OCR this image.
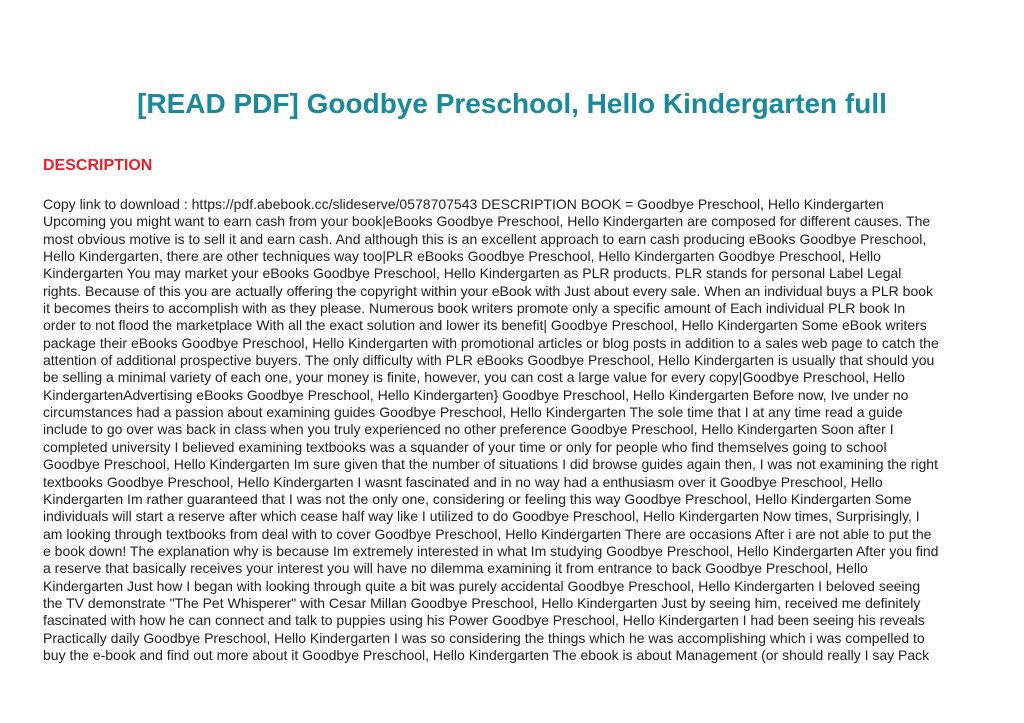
[READ PDF] Goodbye Preschool, Hello Kindergarten full
DESCRIPTION
Copy link to download : https://pdf.abebook.cc/slideserve/0578707543 DESCRIPTION BOOK = Goodbye Preschool, Hello Kindergarten
Upcoming you might want to earn cash from your book|eBooks Goodbye Preschool, Hello Kindergarten are composed for different causes. The
most obvious motive is to sell it and earn cash. And although this is an excellent approach to earn cash producing eBooks Goodbye Preschool,
Hello Kindergarten, there are other techniques way too|PLR eBooks Goodbye Preschool, Hello Kindergarten Goodbye Preschool, Hello
Kindergarten You may market your eBooks Goodbye Preschool, Hello Kindergarten as PLR products. PLR stands for personal Label Legal
rights. Because of this you are actually offering the copyright within your eBook with Just about every sale. When an individual buys a PLR book
it becomes theirs to accomplish with as they please. Numerous book writers promote only a specific amount of Each individual PLR book In
order to not flood the marketplace With all the exact solution and lower its benefit| Goodbye Preschool, Hello Kindergarten Some eBook writers
package their eBooks Goodbye Preschool, Hello Kindergarten with promotional articles or blog posts in addition to a sales web page to catch the
attention of additional prospective buyers. The only difficulty with PLR eBooks Goodbye Preschool, Hello Kindergarten is usually that should you
be selling a minimal variety of each one, your money is finite, however, you can cost a large value for every copy|Goodbye Preschool, Hello
KindergartenAdvertising eBooks Goodbye Preschool, Hello Kindergarten} Goodbye Preschool, Hello Kindergarten Before now, Ive under no
circumstances had a passion about examining guides Goodbye Preschool, Hello Kindergarten The sole time that I at any time read a guide
include to go over was back in class when you truly experienced no other preference Goodbye Preschool, Hello Kindergarten Soon after I
completed university I believed examining textbooks was a squander of your time or only for people who find themselves going to school
Goodbye Preschool, Hello Kindergarten Im sure given that the number of situations I did browse guides again then, I was not examining the right
textbooks Goodbye Preschool, Hello Kindergarten I wasnt fascinated and in no way had a enthusiasm over it Goodbye Preschool, Hello
Kindergarten Im rather guaranteed that I was not the only one, considering or feeling this way Goodbye Preschool, Hello Kindergarten Some
individuals will start a reserve after which cease half way like I utilized to do Goodbye Preschool, Hello Kindergarten Now times, Surprisingly, I
am looking through textbooks from deal with to cover Goodbye Preschool, Hello Kindergarten There are occasions After i are not able to put the
e book down! The explanation why is because Im extremely interested in what Im studying Goodbye Preschool, Hello Kindergarten After you find
a reserve that basically receives your interest you will have no dilemma examining it from entrance to back Goodbye Preschool, Hello
Kindergarten Just how I began with looking through quite a bit was purely accidental Goodbye Preschool, Hello Kindergarten I beloved seeing
the TV demonstrate "The Pet Whisperer" with Cesar Millan Goodbye Preschool, Hello Kindergarten Just by seeing him, received me definitely
fascinated with how he can connect and talk to puppies using his Power Goodbye Preschool, Hello Kindergarten I had been seeing his reveals
Practically daily Goodbye Preschool, Hello Kindergarten I was so considering the things which he was accomplishing which i was compelled to
buy the e-book and find out more about it Goodbye Preschool, Hello Kindergarten The ebook is about Management (or should really I say Pack
